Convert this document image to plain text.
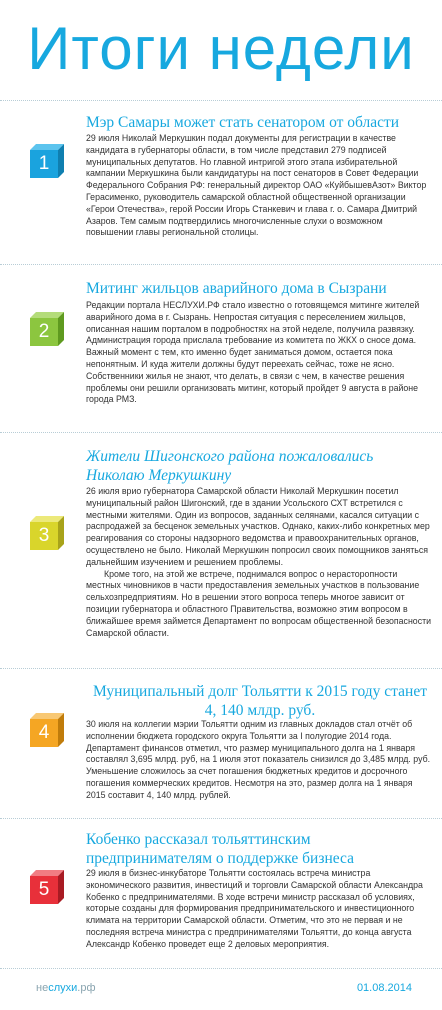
Итоги недели
1
Мэр Самары может стать сенатором от области

29 июля Николай Меркушкин подал документы для регистрации в качестве кандидата в губернаторы области, в том числе представил 279 подписей муниципальных депутатов. Но главной интригой этого этапа избирательной кампании Меркушкина были кандидатуры на пост сенаторов в Совет Федерации Федерального Собрания РФ: генеральный директор ОАО «КуйбышевАзот» Виктор Герасименко, руководитель самарской областной общественной организации «Герои Отечества», герой России Игорь Станкевич и глава г. о. Самара Дмитрий Азаров. Тем самым подтвердились многочисленные слухи о возможном повышении главы региональной столицы.

2
Митинг жильцов аварийного дома в Сызрани

Редакции портала НЕСЛУХИ.РФ стало известно о готовящемся митинге жителей аварийного дома в г. Сызрань. Непростая ситуация с переселением жильцов, описанная нашим порталом в подробностях на этой неделе, получила развязку. Администрация города прислала требование из комитета по ЖКХ о сносе дома. Важный момент с тем, кто именно будет заниматься домом, остается пока непонятным. И куда жители должны будут переехать сейчас, тоже не ясно. Собственники жилья не знают, что делать, в связи с чем, в качестве решения проблемы они решили организовать митинг, который пройдет 9 августа в районе города РМЗ.

3
Жители Шигонского района пожаловались Николаю Меркушкину

26 июля врио губернатора Самарской области Николай Меркушкин посетил муниципальный район Шигонский, где в здании Усольского СХТ встретился с местными жителями. Один из вопросов, заданных селянами, касался ситуации с распродажей за бесценок земельных участков. Однако, каких-либо конкретных мер реагирования со стороны надзорного ведомства и правоохранительных органов, осуществлено не было. Николай Меркушкин попросил своих помощников заняться дальнейшим изучением и решением проблемы.

Кроме того, на этой же встрече, поднимался вопрос о нерасторопности местных чиновников в части предоставления земельных участков в пользование сельхозпредприятиям. Но в решении этого вопроса теперь многое зависит от позиции губернатора и областного Правительства, возможно этим вопросом в ближайшее время займется Департамент по вопросам общественной безопасности Самарской области.

4
Муниципальный долг Тольятти к 2015 году станет 4, 140 млдр. руб.

30 июля на коллегии мэрии Тольятти одним из главных докладов стал отчёт об исполнении бюджета городского округа Тольятти за I полугодие 2014 года. Департамент финансов отметил, что размер муниципального долга на 1 января составлял 3,695 млрд. руб, на 1 июля этот показатель снизился до 3,485 млрд. руб. Уменьшение сложилось за счет погашения бюджетных кредитов и досрочного погашения коммерческих кредитов. Несмотря на это, размер долга на 1 января 2015 составит 4, 140 млрд. рублей.

5
Кобенко рассказал тольяттинским предпринимателям о поддержке бизнеса

29 июля в бизнес-инкубаторе Тольятти состоялась встреча министра экономического развития, инвестиций и торговли Самарской области Александра Кобенко с предпринимателями. В ходе встречи министр рассказал об условиях, которые созданы для формирования предпринимательского и инвестиционного климата на территории Самарской области. Отметим, что это не первая и не последняя встреча министра с предпринимателями Тольятти, до конца августа Александр Кобенко проведет еще 2 деловых мероприятия.

неслухи.рф	01.08.2014
